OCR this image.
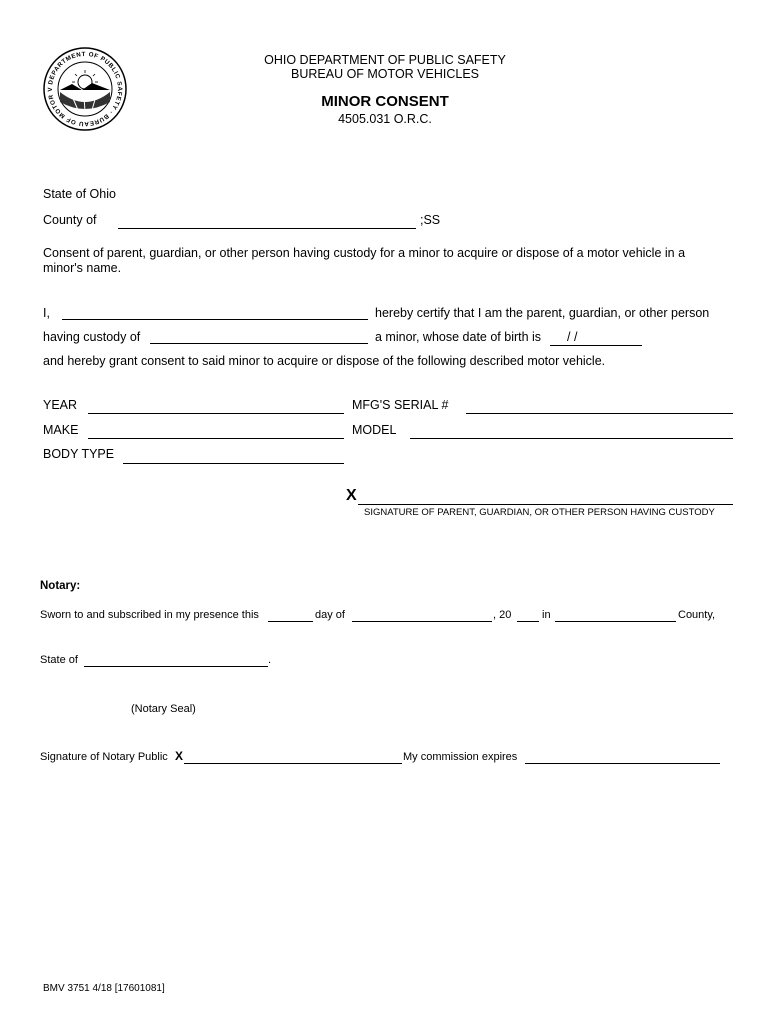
DEPARTMENT OF PUBLIC SAFETY · BUREAU OF MOTOR V
OHIO DEPARTMENT OF PUBLIC SAFETY
BUREAU OF MOTOR VEHICLES
MINOR CONSENT
4505.031 O.R.C.
State of Ohio
County of	;SS
Consent of parent, guardian, or other person having custody for a minor to acquire or dispose of a motor vehicle in a
minor's name.
I,	hereby certify that I am the parent, guardian, or other person
having custody of	a minor, whose date of birth is / /
and hereby grant consent to said minor to acquire or dispose of the following described motor vehicle.
YEAR	MFG'S SERIAL #
MAKE	MODEL
BODY TYPE
X
SIGNATURE OF PARENT, GUARDIAN, OR OTHER PERSON HAVING CUSTODY
Notary:
Sworn to and subscribed in my presence this	day of	, 20	in	County,
State of	.
(Notary Seal)
Signature of Notary Public X	My commission expires
BMV 3751 4/18 [17601081]
